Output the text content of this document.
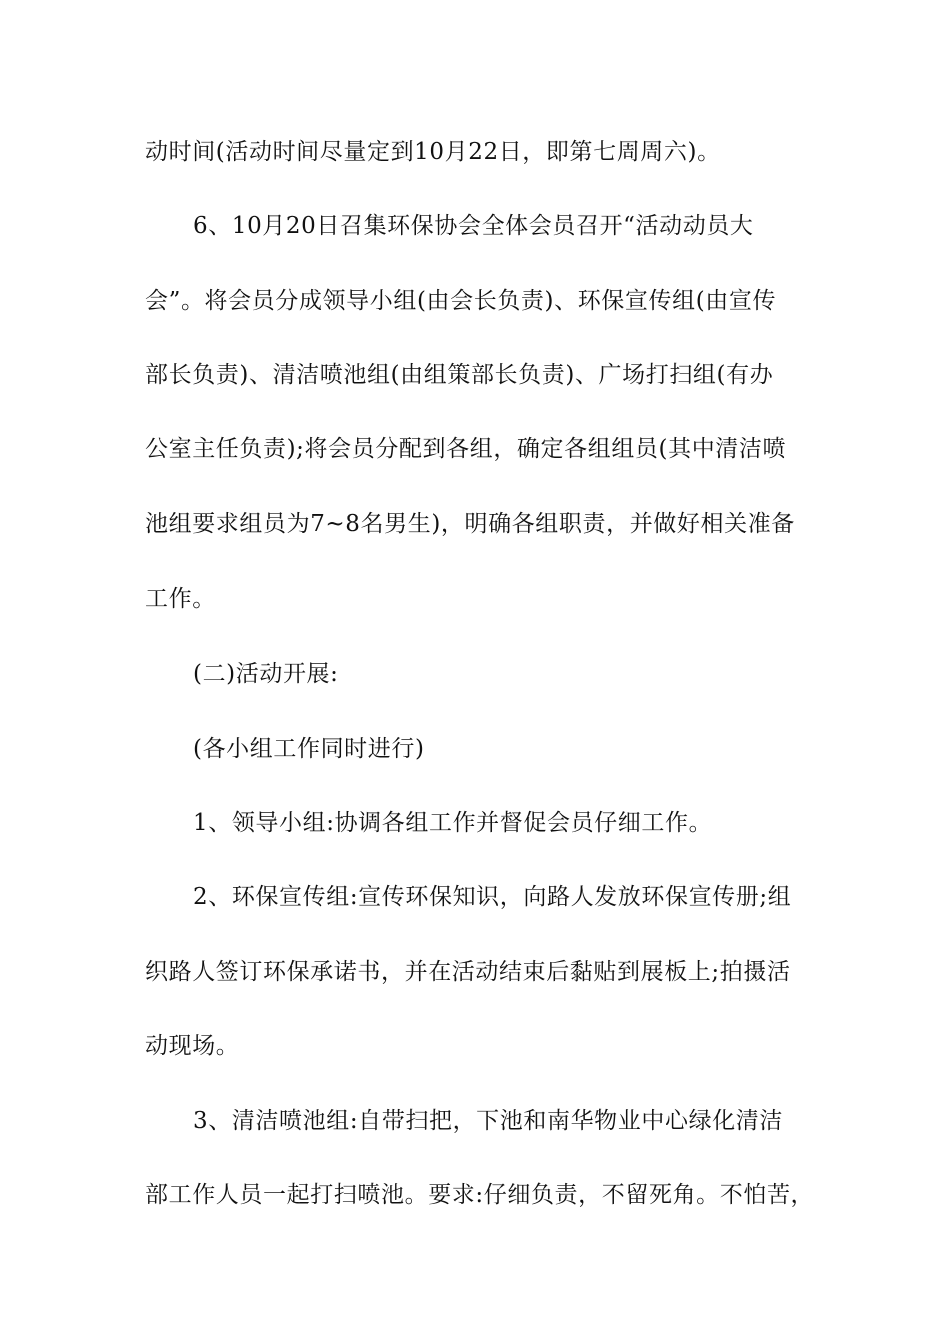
动时间(活动时间尽量定到10月22日，即第七周周六)。
6、10月20日召集环保协会全体会员召开“活动动员大
会”。将会员分成领导小组(由会长负责)、环保宣传组(由宣传
部长负责)、清洁喷池组(由组策部长负责)、广场打扫组(有办
公室主任负责);将会员分配到各组，确定各组组员(其中清洁喷
池组要求组员为7~8名男生)，明确各组职责，并做好相关准备
工作。
(二)活动开展:
(各小组工作同时进行)
1、领导小组:协调各组工作并督促会员仔细工作。
2、环保宣传组:宣传环保知识，向路人发放环保宣传册;组
织路人签订环保承诺书，并在活动结束后黏贴到展板上;拍摄活
动现场。
3、清洁喷池组:自带扫把，下池和南华物业中心绿化清洁
部工作人员一起打扫喷池。要求:仔细负责，不留死角。不怕苦，
